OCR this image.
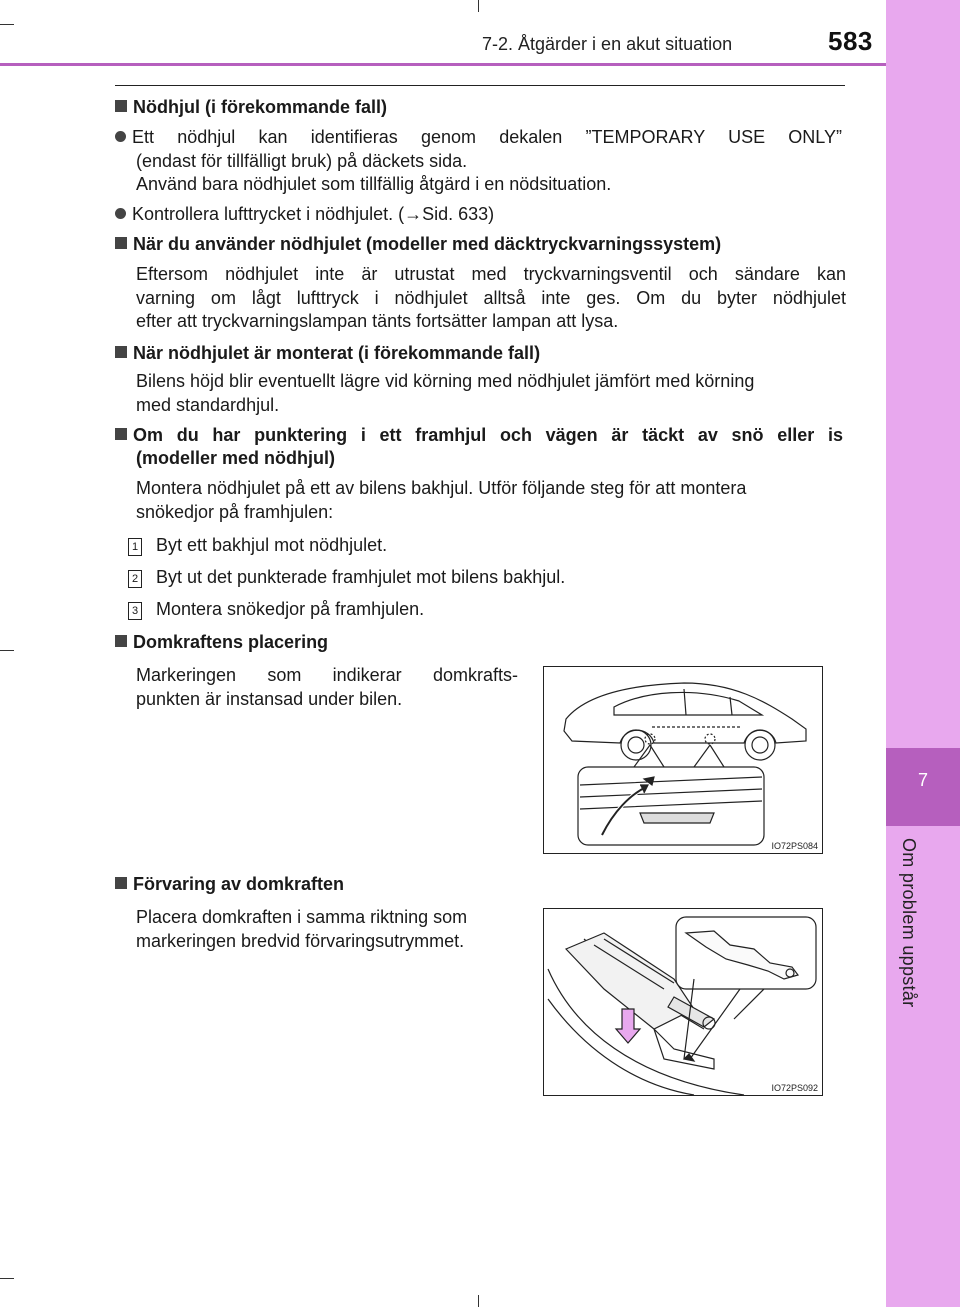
7-2. Åtgärder i en akut situation	583
7
Om problem uppstår
Nödhjul (i förekommande fall)
Ett nödhjul kan identifieras genom dekalen ”TEMPORARY USE ONLY”
(endast för tillfälligt bruk) på däckets sida.
Använd bara nödhjulet som tillfällig åtgärd i en nödsituation.
Kontrollera lufttrycket i nödhjulet. (→Sid. 633)
När du använder nödhjulet (modeller med däcktryckvarningssystem)
Eftersom nödhjulet inte är utrustat med tryckvarningsventil och sändare kan
varning om lågt lufttryck i nödhjulet alltså inte ges. Om du byter nödhjulet
efter att tryckvarningslampan tänts fortsätter lampan att lysa.
När nödhjulet är monterat (i förekommande fall)
Bilens höjd blir eventuellt lägre vid körning med nödhjulet jämfört med körning
med standardhjul.
Om du har punktering i ett framhjul och vägen är täckt av snö eller is
(modeller med nödhjul)
Montera nödhjulet på ett av bilens bakhjul. Utför följande steg för att montera
snökedjor på framhjulen:
1 Byt ett bakhjul mot nödhjulet.
2 Byt ut det punkterade framhjulet mot bilens bakhjul.
3 Montera snökedjor på framhjulen.
Domkraftens placering
Markeringen som indikerar domkrafts-
punkten är instansad under bilen.
IO72PS084
Förvaring av domkraften
Placera domkraften i samma riktning som
markeringen bredvid förvaringsutrymmet.
IO72PS092
